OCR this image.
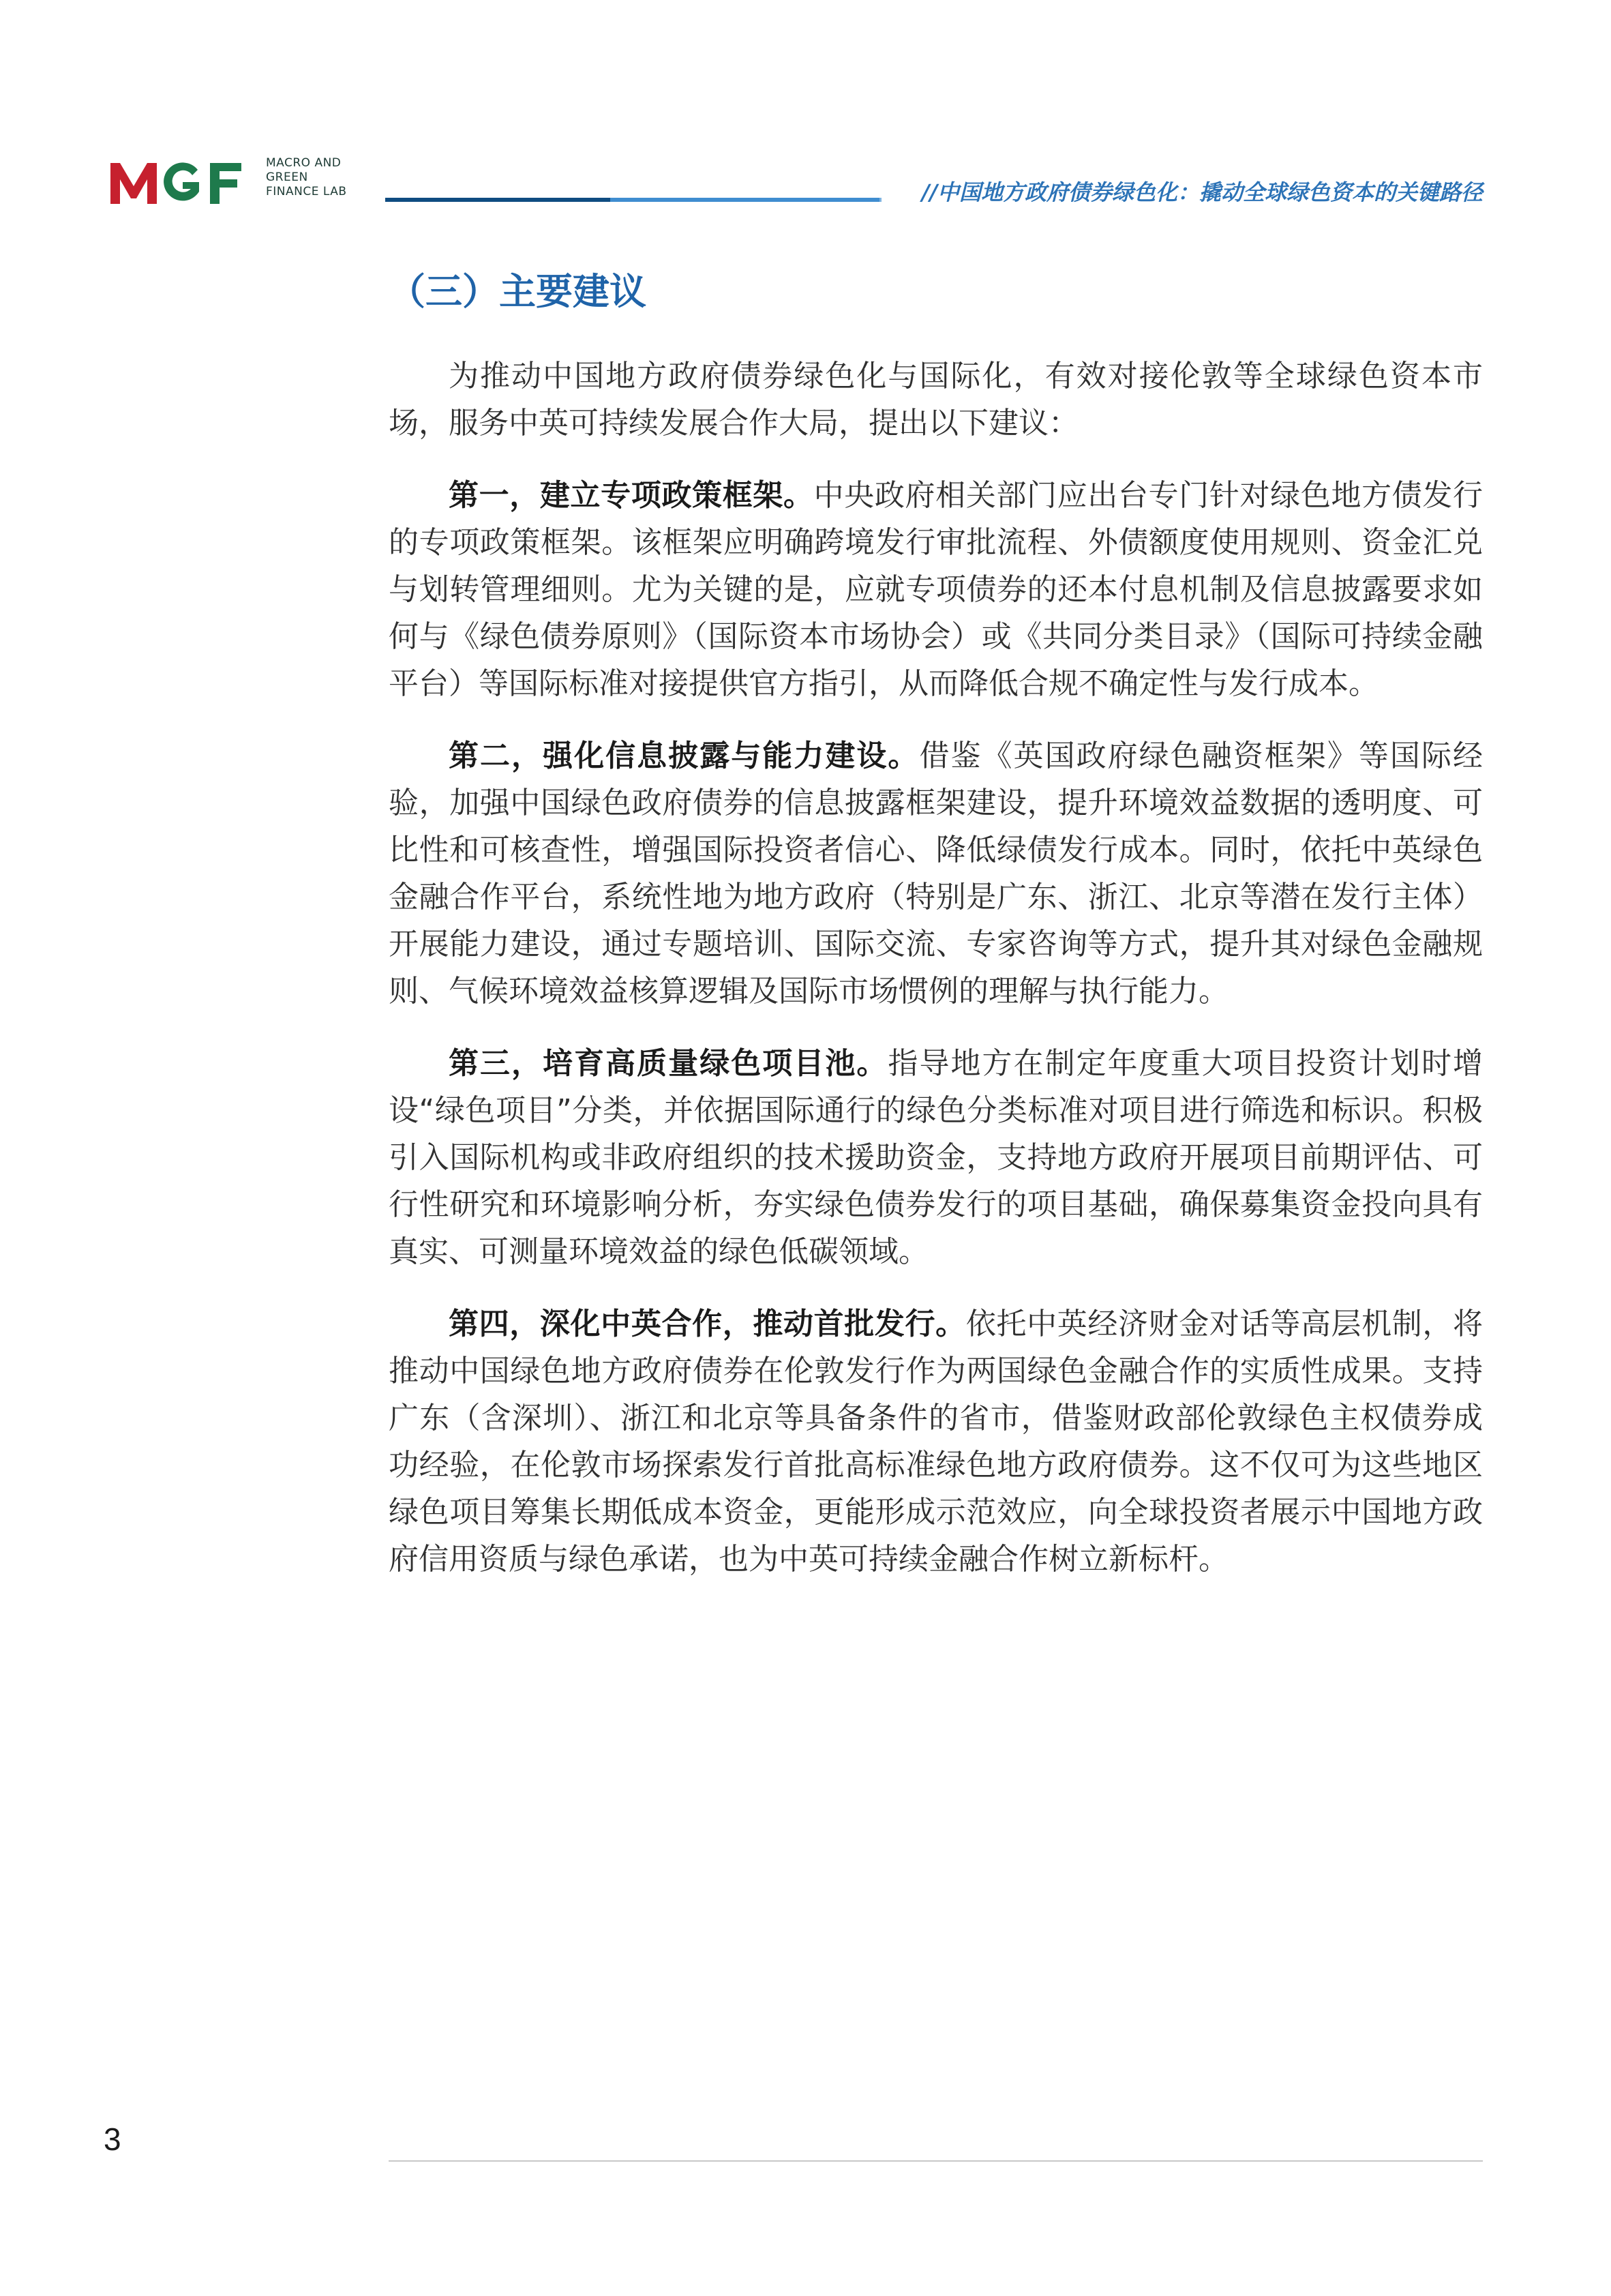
MACRO AND
GREEN
FINANCE LAB	//中国地方政府债券绿色化：撬动全球绿色资本的关键路径
（三）主要建议

为推动中国地方政府债券绿色化与国际化，有效对接伦敦等全球绿色资本市场，服务中英可持续发展合作大局，提出以下建议：

第一，建立专项政策框架。中央政府相关部门应出台专门针对绿色地方债发行的专项政策框架。该框架应明确跨境发行审批流程、外债额度使用规则、资金汇兑与划转管理细则。尤为关键的是，应就专项债券的还本付息机制及信息披露要求如何与《绿色债券原则》（国际资本市场协会）或《共同分类目录》（国际可持续金融平台）等国际标准对接提供官方指引，从而降低合规不确定性与发行成本。

第二，强化信息披露与能力建设。借鉴《英国政府绿色融资框架》等国际经验，加强中国绿色政府债券的信息披露框架建设，提升环境效益数据的透明度、可比性和可核查性，增强国际投资者信心、降低绿债发行成本。同时，依托中英绿色金融合作平台，系统性地为地方政府（特别是广东、浙江、北京等潜在发行主体）开展能力建设，通过专题培训、国际交流、专家咨询等方式，提升其对绿色金融规则、气候环境效益核算逻辑及国际市场惯例的理解与执行能力。

第三，培育高质量绿色项目池。指导地方在制定年度重大项目投资计划时增设“绿色项目”分类，并依据国际通行的绿色分类标准对项目进行筛选和标识。积极引入国际机构或非政府组织的技术援助资金，支持地方政府开展项目前期评估、可行性研究和环境影响分析，夯实绿色债券发行的项目基础，确保募集资金投向具有真实、可测量环境效益的绿色低碳领域。

第四，深化中英合作，推动首批发行。依托中英经济财金对话等高层机制，将推动中国绿色地方政府债券在伦敦发行作为两国绿色金融合作的实质性成果。支持广东（含深圳）、浙江和北京等具备条件的省市，借鉴财政部伦敦绿色主权债券成功经验，在伦敦市场探索发行首批高标准绿色地方政府债券。这不仅可为这些地区绿色项目筹集长期低成本资金，更能形成示范效应，向全球投资者展示中国地方政府信用资质与绿色承诺，也为中英可持续金融合作树立新标杆。

3
